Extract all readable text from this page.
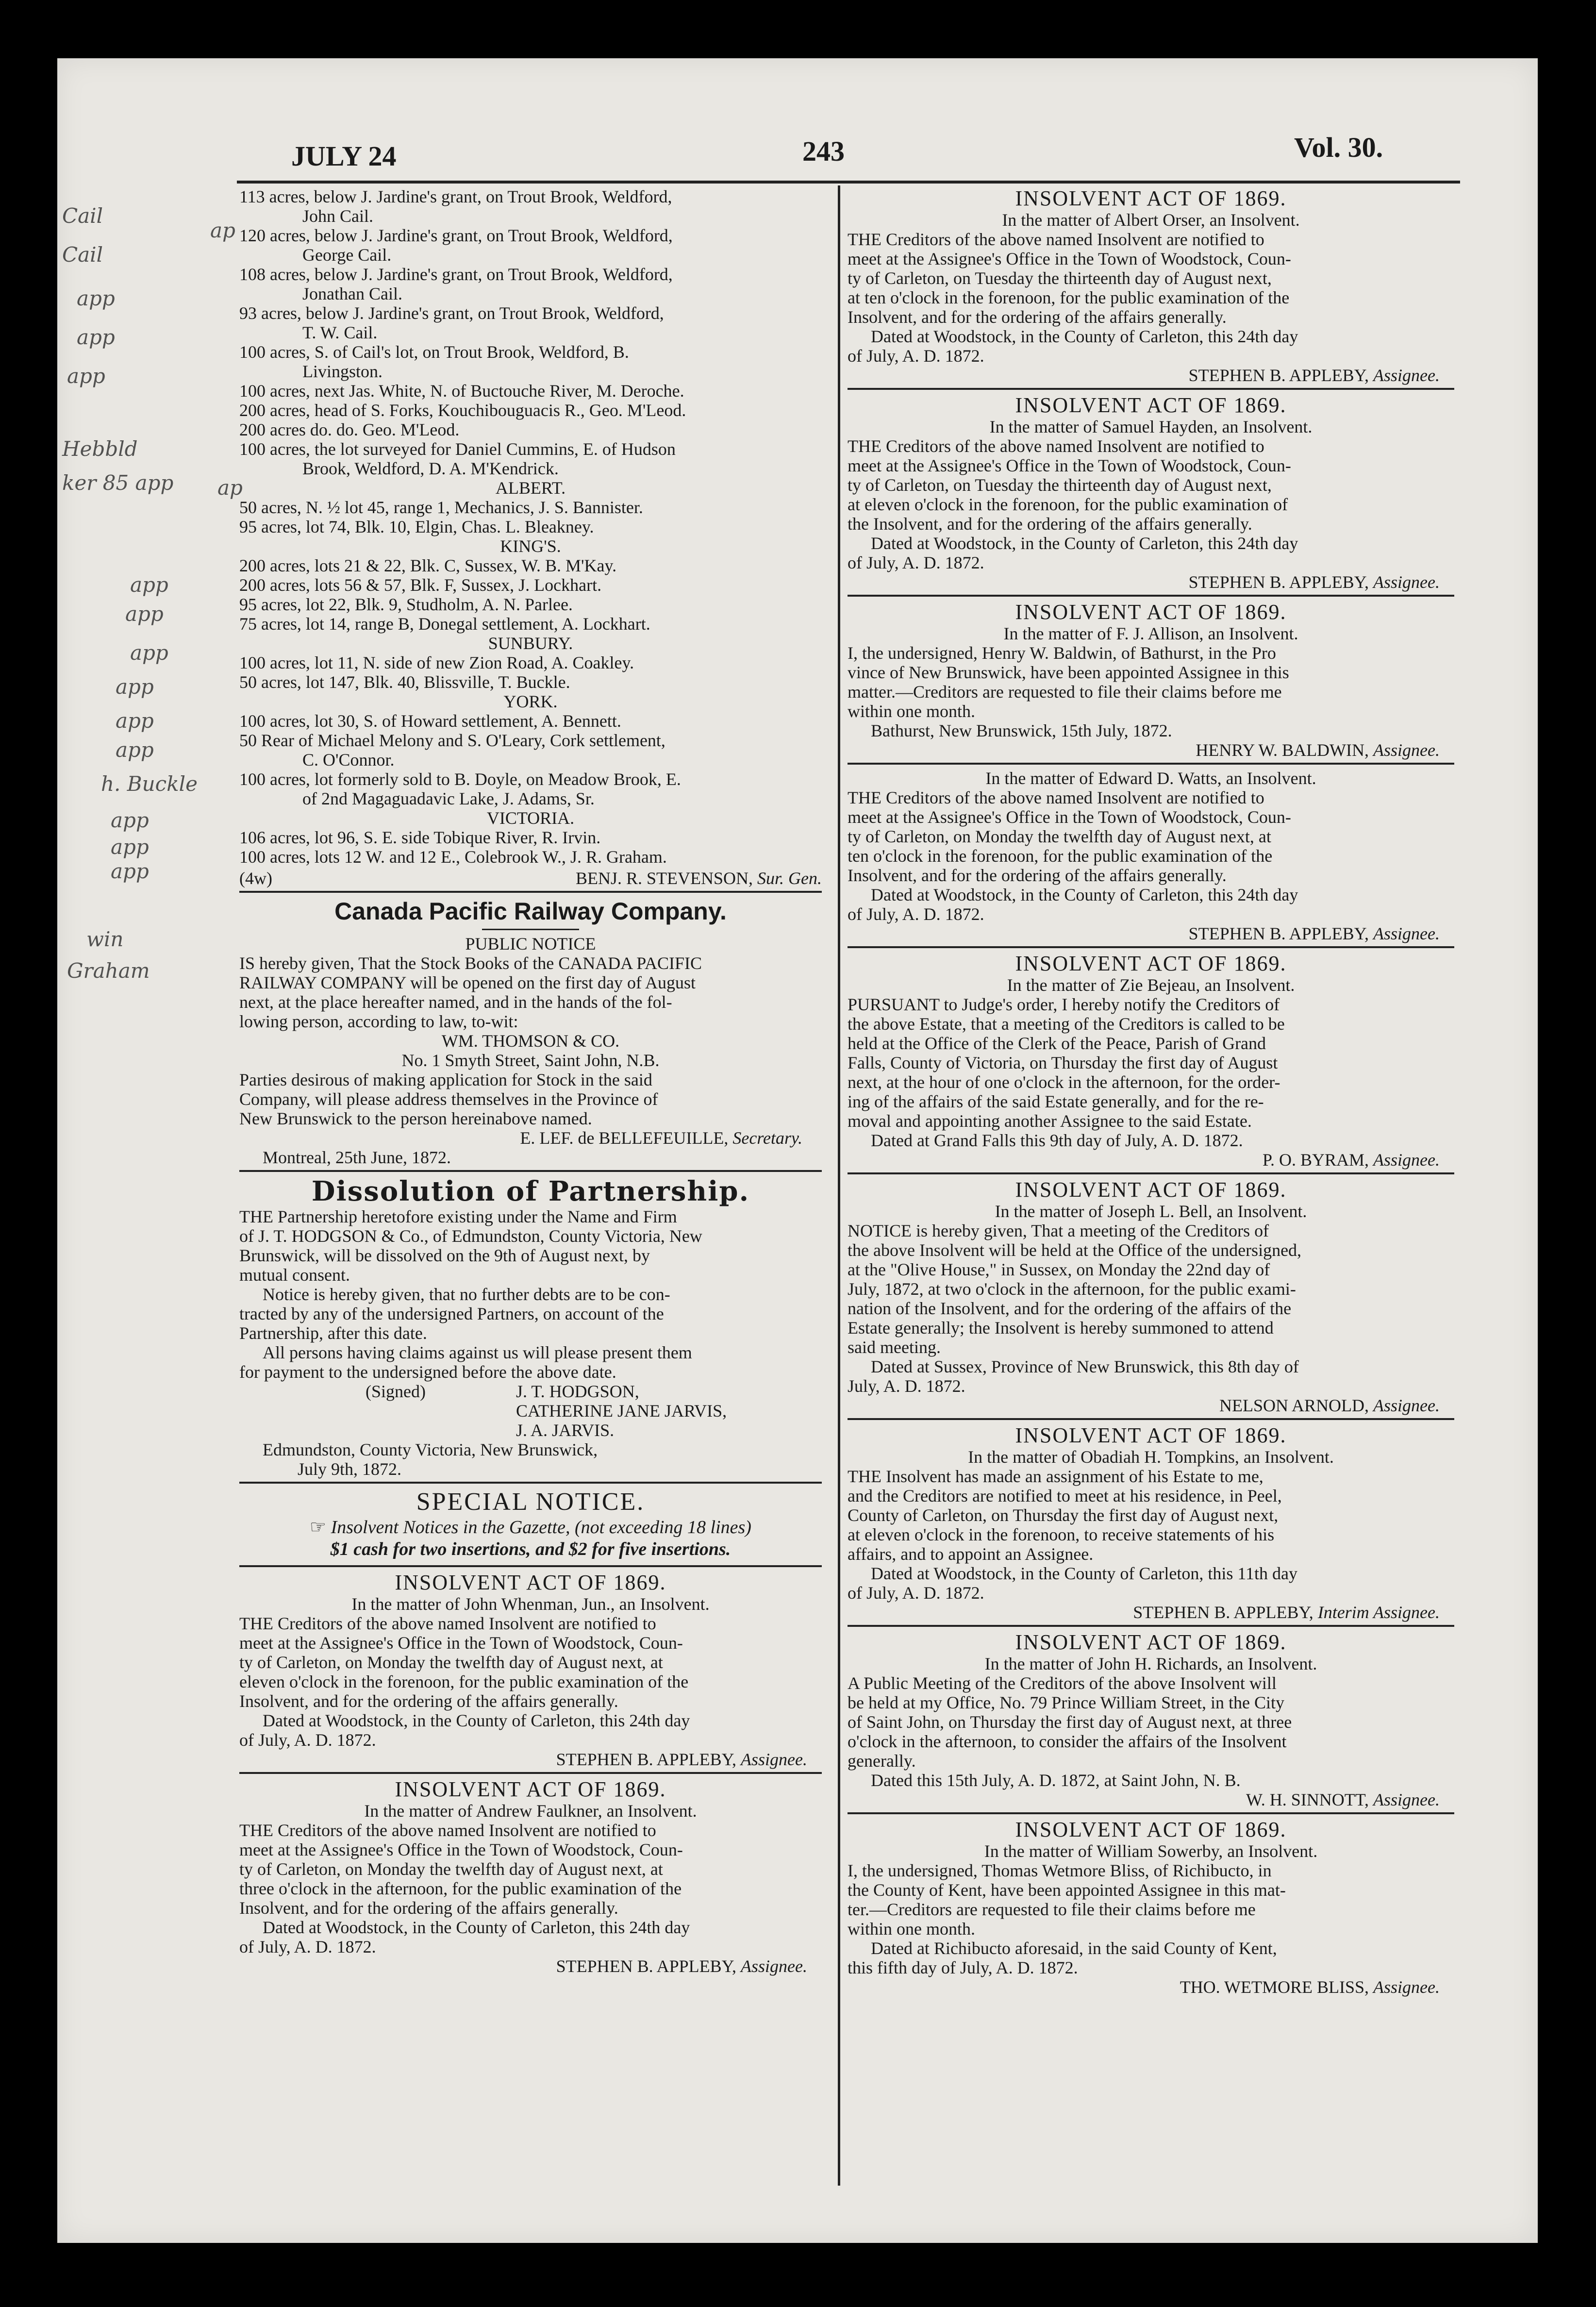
JULY 24	243	Vol. 30.
Cail
Cail
app
app
app
Hebbld
ker 85 app
app
app
app
app
app
app
h. Buckle
app
app
app
win
Graham
ap
ap
113 acres, below J. Jardine's grant, on Trout Brook, Weldford,
John Cail.
120 acres, below J. Jardine's grant, on Trout Brook, Weldford,
George Cail.
108 acres, below J. Jardine's grant, on Trout Brook, Weldford,
Jonathan Cail.
93 acres, below J. Jardine's grant, on Trout Brook, Weldford,
T. W. Cail.
100 acres, S. of Cail's lot, on Trout Brook, Weldford, B.
Livingston.
100 acres, next Jas. White, N. of Buctouche River, M. Deroche.
200 acres, head of S. Forks, Kouchibouguacis R., Geo. M'Leod.
200 acres do. do. Geo. M'Leod.
100 acres, the lot surveyed for Daniel Cummins, E. of Hudson
Brook, Weldford, D. A. M'Kendrick.
ALBERT.
50 acres, N. ½ lot 45, range 1, Mechanics, J. S. Bannister.
95 acres, lot 74, Blk. 10, Elgin, Chas. L. Bleakney.
KING'S.
200 acres, lots 21 & 22, Blk. C, Sussex, W. B. M'Kay.
200 acres, lots 56 & 57, Blk. F, Sussex, J. Lockhart.
95 acres, lot 22, Blk. 9, Studholm, A. N. Parlee.
75 acres, lot 14, range B, Donegal settlement, A. Lockhart.
SUNBURY.
100 acres, lot 11, N. side of new Zion Road, A. Coakley.
50 acres, lot 147, Blk. 40, Blissville, T. Buckle.
YORK.
100 acres, lot 30, S. of Howard settlement, A. Bennett.
50 Rear of Michael Melony and S. O'Leary, Cork settlement,
C. O'Connor.
100 acres, lot formerly sold to B. Doyle, on Meadow Brook, E.
of 2nd Magaguadavic Lake, J. Adams, Sr.
VICTORIA.
106 acres, lot 96, S. E. side Tobique River, R. Irvin.
100 acres, lots 12 W. and 12 E., Colebrook W., J. R. Graham.
(4w)	BENJ. R. STEVENSON, Sur. Gen.
Canada Pacific Railway Company.
PUBLIC NOTICE
IS hereby given, That the Stock Books of the CANADA PACIFIC
RAILWAY COMPANY will be opened on the first day of August
next, at the place hereafter named, and in the hands of the fol-
lowing person, according to law, to-wit:
WM. THOMSON & CO.
No. 1 Smyth Street, Saint John, N.B.
Parties desirous of making application for Stock in the said
Company, will please address themselves in the Province of
New Brunswick to the person hereinabove named.
E. LEF. de BELLEFEUILLE, Secretary.
Montreal, 25th June, 1872.
Dissolution of Partnership.
THE Partnership heretofore existing under the Name and Firm
of J. T. HODGSON & Co., of Edmundston, County Victoria, New
Brunswick, will be dissolved on the 9th of August next, by
mutual consent.
Notice is hereby given, that no further debts are to be con-
tracted by any of the undersigned Partners, on account of the
Partnership, after this date.
All persons having claims against us will please present them
for payment to the undersigned before the above date.
(Signed)	J. T. HODGSON,
CATHERINE JANE JARVIS,
J. A. JARVIS.
Edmundston, County Victoria, New Brunswick,
July 9th, 1872.
SPECIAL NOTICE.
☞ Insolvent Notices in the Gazette, (not exceeding 18 lines)
$1 cash for two insertions, and $2 for five insertions.
INSOLVENT ACT OF 1869.
In the matter of John Whenman, Jun., an Insolvent.
THE Creditors of the above named Insolvent are notified to
meet at the Assignee's Office in the Town of Woodstock, Coun-
ty of Carleton, on Monday the twelfth day of August next, at
eleven o'clock in the forenoon, for the public examination of the
Insolvent, and for the ordering of the affairs generally.
Dated at Woodstock, in the County of Carleton, this 24th day
of July, A. D. 1872.
STEPHEN B. APPLEBY, Assignee.
INSOLVENT ACT OF 1869.
In the matter of Andrew Faulkner, an Insolvent.
THE Creditors of the above named Insolvent are notified to
meet at the Assignee's Office in the Town of Woodstock, Coun-
ty of Carleton, on Monday the twelfth day of August next, at
three o'clock in the afternoon, for the public examination of the
Insolvent, and for the ordering of the affairs generally.
Dated at Woodstock, in the County of Carleton, this 24th day
of July, A. D. 1872.
STEPHEN B. APPLEBY, Assignee.
INSOLVENT ACT OF 1869.
In the matter of Albert Orser, an Insolvent.
THE Creditors of the above named Insolvent are notified to
meet at the Assignee's Office in the Town of Woodstock, Coun-
ty of Carleton, on Tuesday the thirteenth day of August next,
at ten o'clock in the forenoon, for the public examination of the
Insolvent, and for the ordering of the affairs generally.
Dated at Woodstock, in the County of Carleton, this 24th day
of July, A. D. 1872.
STEPHEN B. APPLEBY, Assignee.
INSOLVENT ACT OF 1869.
In the matter of Samuel Hayden, an Insolvent.
THE Creditors of the above named Insolvent are notified to
meet at the Assignee's Office in the Town of Woodstock, Coun-
ty of Carleton, on Tuesday the thirteenth day of August next,
at eleven o'clock in the forenoon, for the public examination of
the Insolvent, and for the ordering of the affairs generally.
Dated at Woodstock, in the County of Carleton, this 24th day
of July, A. D. 1872.
STEPHEN B. APPLEBY, Assignee.
INSOLVENT ACT OF 1869.
In the matter of F. J. Allison, an Insolvent.
I, the undersigned, Henry W. Baldwin, of Bathurst, in the Pro
vince of New Brunswick, have been appointed Assignee in this
matter.—Creditors are requested to file their claims before me
within one month.
Bathurst, New Brunswick, 15th July, 1872.
HENRY W. BALDWIN, Assignee.
In the matter of Edward D. Watts, an Insolvent.
THE Creditors of the above named Insolvent are notified to
meet at the Assignee's Office in the Town of Woodstock, Coun-
ty of Carleton, on Monday the twelfth day of August next, at
ten o'clock in the forenoon, for the public examination of the
Insolvent, and for the ordering of the affairs generally.
Dated at Woodstock, in the County of Carleton, this 24th day
of July, A. D. 1872.
STEPHEN B. APPLEBY, Assignee.
INSOLVENT ACT OF 1869.
In the matter of Zie Bejeau, an Insolvent.
PURSUANT to Judge's order, I hereby notify the Creditors of
the above Estate, that a meeting of the Creditors is called to be
held at the Office of the Clerk of the Peace, Parish of Grand
Falls, County of Victoria, on Thursday the first day of August
next, at the hour of one o'clock in the afternoon, for the order-
ing of the affairs of the said Estate generally, and for the re-
moval and appointing another Assignee to the said Estate.
Dated at Grand Falls this 9th day of July, A. D. 1872.
P. O. BYRAM, Assignee.
INSOLVENT ACT OF 1869.
In the matter of Joseph L. Bell, an Insolvent.
NOTICE is hereby given, That a meeting of the Creditors of
the above Insolvent will be held at the Office of the undersigned,
at the "Olive House," in Sussex, on Monday the 22nd day of
July, 1872, at two o'clock in the afternoon, for the public exami-
nation of the Insolvent, and for the ordering of the affairs of the
Estate generally; the Insolvent is hereby summoned to attend
said meeting.
Dated at Sussex, Province of New Brunswick, this 8th day of
July, A. D. 1872.
NELSON ARNOLD, Assignee.
INSOLVENT ACT OF 1869.
In the matter of Obadiah H. Tompkins, an Insolvent.
THE Insolvent has made an assignment of his Estate to me,
and the Creditors are notified to meet at his residence, in Peel,
County of Carleton, on Thursday the first day of August next,
at eleven o'clock in the forenoon, to receive statements of his
affairs, and to appoint an Assignee.
Dated at Woodstock, in the County of Carleton, this 11th day
of July, A. D. 1872.
STEPHEN B. APPLEBY, Interim Assignee.
INSOLVENT ACT OF 1869.
In the matter of John H. Richards, an Insolvent.
A Public Meeting of the Creditors of the above Insolvent will
be held at my Office, No. 79 Prince William Street, in the City
of Saint John, on Thursday the first day of August next, at three
o'clock in the afternoon, to consider the affairs of the Insolvent
generally.
Dated this 15th July, A. D. 1872, at Saint John, N. B.
W. H. SINNOTT, Assignee.
INSOLVENT ACT OF 1869.
In the matter of William Sowerby, an Insolvent.
I, the undersigned, Thomas Wetmore Bliss, of Richibucto, in
the County of Kent, have been appointed Assignee in this mat-
ter.—Creditors are requested to file their claims before me
within one month.
Dated at Richibucto aforesaid, in the said County of Kent,
this fifth day of July, A. D. 1872.
THO. WETMORE BLISS, Assignee.
